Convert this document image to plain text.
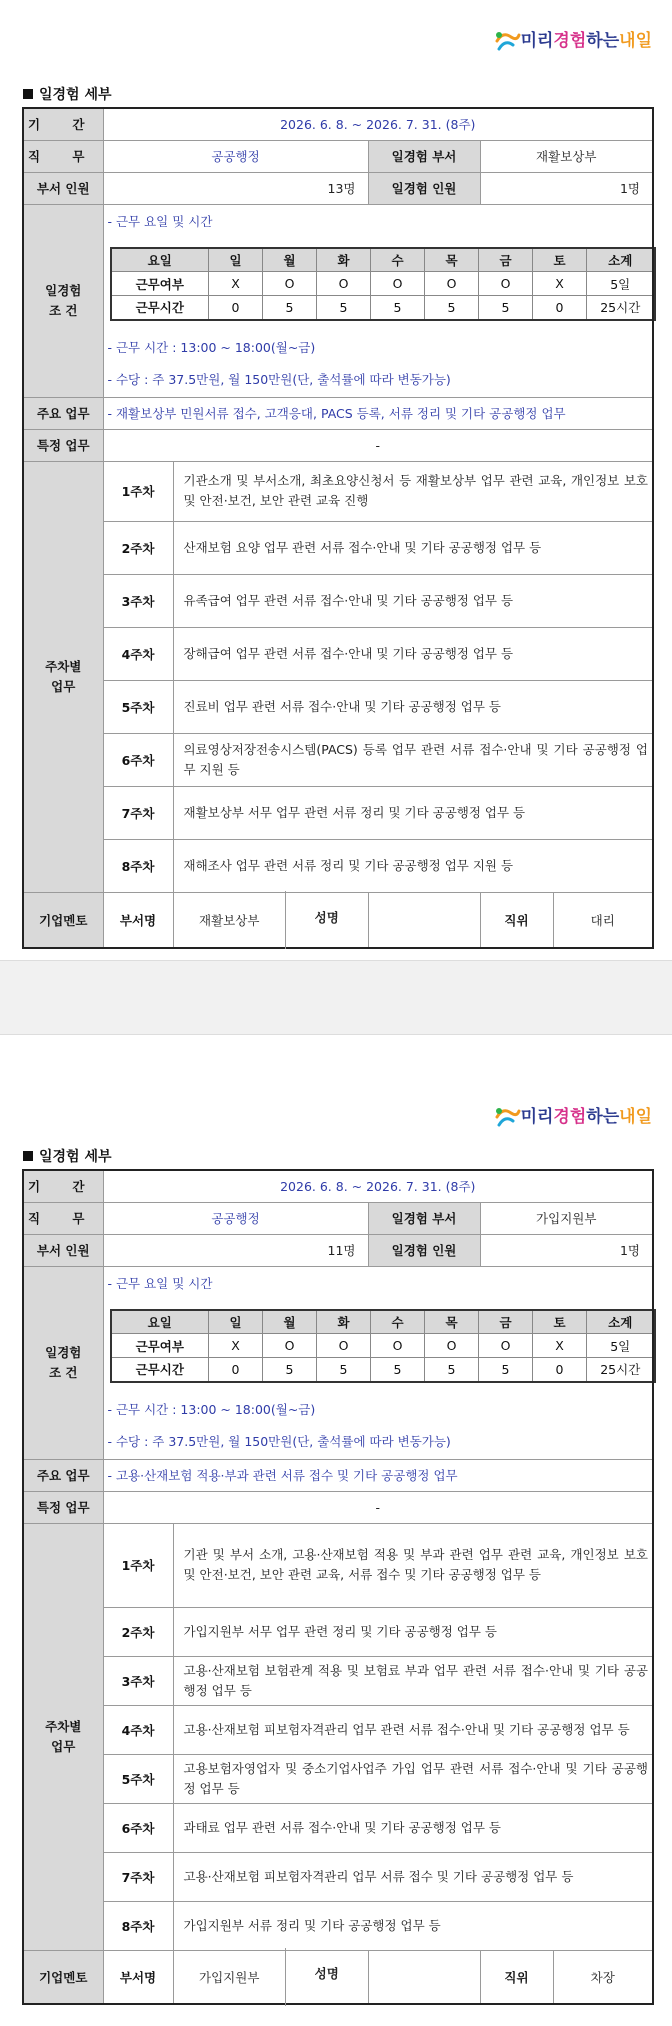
미리경험하는내일
일경험 세부
기 간	2026. 6. 8. ~ 2026. 7. 31. (8주)
직 무	공공행정	일경험 부서	재활보상부
부서 인원	13명	일경험 인원	1명
일경험
조 건	
- 근무 요일 및 시간
요일	일	월	화	수	목	금	토	소계
근무여부	X	O	O	O	O	O	X	5일
근무시간	0	5	5	5	5	5	0	25시간
- 근무 시간 : 13:00 ~ 18:00(월~금)
- 수당 : 주 37.5만원, 월 150만원(단, 출석률에 따라 변동가능)

주요 업무	- 재활보상부 민원서류 접수, 고객응대, PACS 등록, 서류 정리 및 기타 공공행정 업무
특정 업무	-
주차별
업무	1주차	기관소개 및 부서소개, 최초요양신청서 등 재활보상부 업무 관련 교육, 개인정보 보호 및 안전·보건, 보안 관련 교육 진행
2주차	산재보험 요양 업무 관련 서류 접수·안내 및 기타 공공행정 업무 등
3주차	유족급여 업무 관련 서류 접수·안내 및 기타 공공행정 업무 등
4주차	장해급여 업무 관련 서류 접수·안내 및 기타 공공행정 업무 등
5주차	진료비 업무 관련 서류 접수·안내 및 기타 공공행정 업무 등
6주차	의료영상저장전송시스템(PACS) 등록 업무 관련 서류 접수·안내 및 기타 공공행정 업무 지원 등
7주차	재활보상부 서무 업무 관련 서류 정리 및 기타 공공행정 업무 등
8주차	재해조사 업무 관련 서류 정리 및 기타 공공행정 업무 지원 등
기업멘토	부서명	재활보상부	성명		직위	대리
미리경험하는내일
일경험 세부
기 간	2026. 6. 8. ~ 2026. 7. 31. (8주)
직 무	공공행정	일경험 부서	가입지원부
부서 인원	11명	일경험 인원	1명
일경험
조 건	
- 근무 요일 및 시간
요일	일	월	화	수	목	금	토	소계
근무여부	X	O	O	O	O	O	X	5일
근무시간	0	5	5	5	5	5	0	25시간
- 근무 시간 : 13:00 ~ 18:00(월~금)
- 수당 : 주 37.5만원, 월 150만원(단, 출석률에 따라 변동가능)

주요 업무	- 고용·산재보험 적용·부과 관련 서류 접수 및 기타 공공행정 업무
특정 업무	-
주차별
업무	1주차	기관 및 부서 소개, 고용·산재보험 적용 및 부과 관련 업무 관련 교육, 개인정보 보호 및 안전·보건, 보안 관련 교육, 서류 접수 및 기타 공공행정 업무 등
2주차	가입지원부 서무 업무 관련 정리 및 기타 공공행정 업무 등
3주차	고용·산재보험 보험관계 적용 및 보험료 부과 업무 관련 서류 접수·안내 및 기타 공공행정 업무 등
4주차	고용·산재보험 피보험자격관리 업무 관련 서류 접수·안내 및 기타 공공행정 업무 등
5주차	고용보험자영업자 및 중소기업사업주 가입 업무 관련 서류 접수·안내 및 기타 공공행정 업무 등
6주차	과태료 업무 관련 서류 접수·안내 및 기타 공공행정 업무 등
7주차	고용·산재보험 피보험자격관리 업무 서류 접수 및 기타 공공행정 업무 등
8주차	가입지원부 서류 정리 및 기타 공공행정 업무 등
기업멘토	부서명	가입지원부	성명		직위	차장
